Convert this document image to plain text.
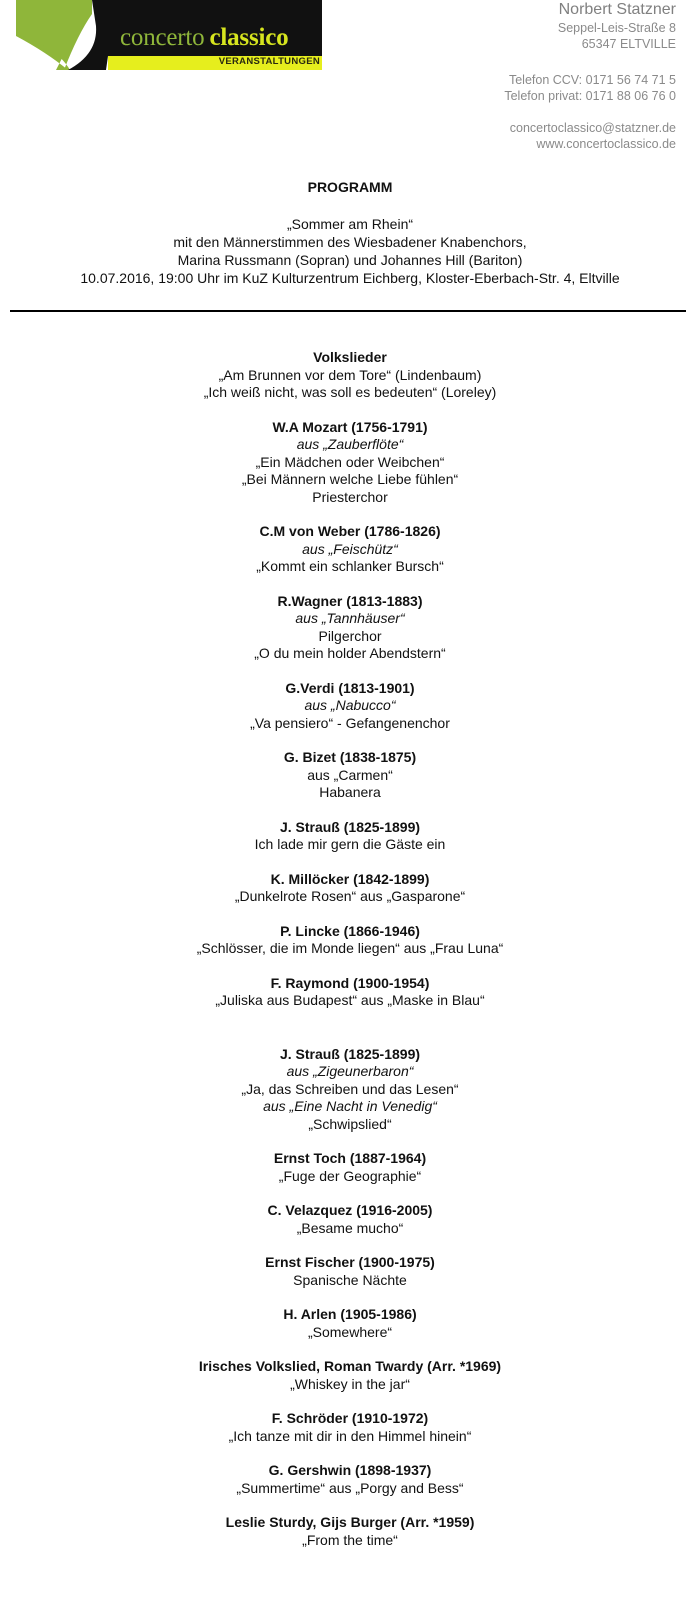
concerto classico
VERANSTALTUNGEN
Norbert Statzner
Seppel-Leis-Straße 8
65347 ELTVILLE
Telefon CCV: 0171 56 74 71 5
Telefon privat: 0171 88 06 76 0
concertoclassico@statzner.de
www.concertoclassico.de
PROGRAMM
„Sommer am Rhein“
mit den Männerstimmen des Wiesbadener Knabenchors,
Marina Russmann (Sopran) und Johannes Hill (Bariton)
10.07.2016, 19:00 Uhr im KuZ Kulturzentrum Eichberg, Kloster-Eberbach-Str. 4, Eltville
Volkslieder
„Am Brunnen vor dem Tore“ (Lindenbaum)
„Ich weiß nicht, was soll es bedeuten“ (Loreley)
W.A Mozart (1756-1791)
aus „Zauberflöte“
„Ein Mädchen oder Weibchen“
„Bei Männern welche Liebe fühlen“
Priesterchor
C.M von Weber (1786-1826)
aus „Feischütz“
„Kommt ein schlanker Bursch“
R.Wagner (1813-1883)
aus „Tannhäuser“
Pilgerchor
„O du mein holder Abendstern“
G.Verdi (1813-1901)
aus „Nabucco“
„Va pensiero“ - Gefangenenchor
G. Bizet (1838-1875)
aus „Carmen“
Habanera
J. Strauß (1825-1899)
Ich lade mir gern die Gäste ein
K. Millöcker (1842-1899)
„Dunkelrote Rosen“ aus „Gasparone“
P. Lincke (1866-1946)
„Schlösser, die im Monde liegen“ aus „Frau Luna“
F. Raymond (1900-1954)
„Juliska aus Budapest“ aus „Maske in Blau“
J. Strauß (1825-1899)
aus „Zigeunerbaron“
„Ja, das Schreiben und das Lesen“
aus „Eine Nacht in Venedig“
„Schwipslied“
Ernst Toch (1887-1964)
„Fuge der Geographie“
C. Velazquez (1916-2005)
„Besame mucho“
Ernst Fischer (1900-1975)
Spanische Nächte
H. Arlen (1905-1986)
„Somewhere“
Irisches Volkslied, Roman Twardy (Arr. *1969)
„Whiskey in the jar“
F. Schröder (1910-1972)
„Ich tanze mit dir in den Himmel hinein“
G. Gershwin (1898-1937)
„Summertime“ aus „Porgy and Bess“
Leslie Sturdy, Gijs Burger (Arr. *1959)
„From the time“
